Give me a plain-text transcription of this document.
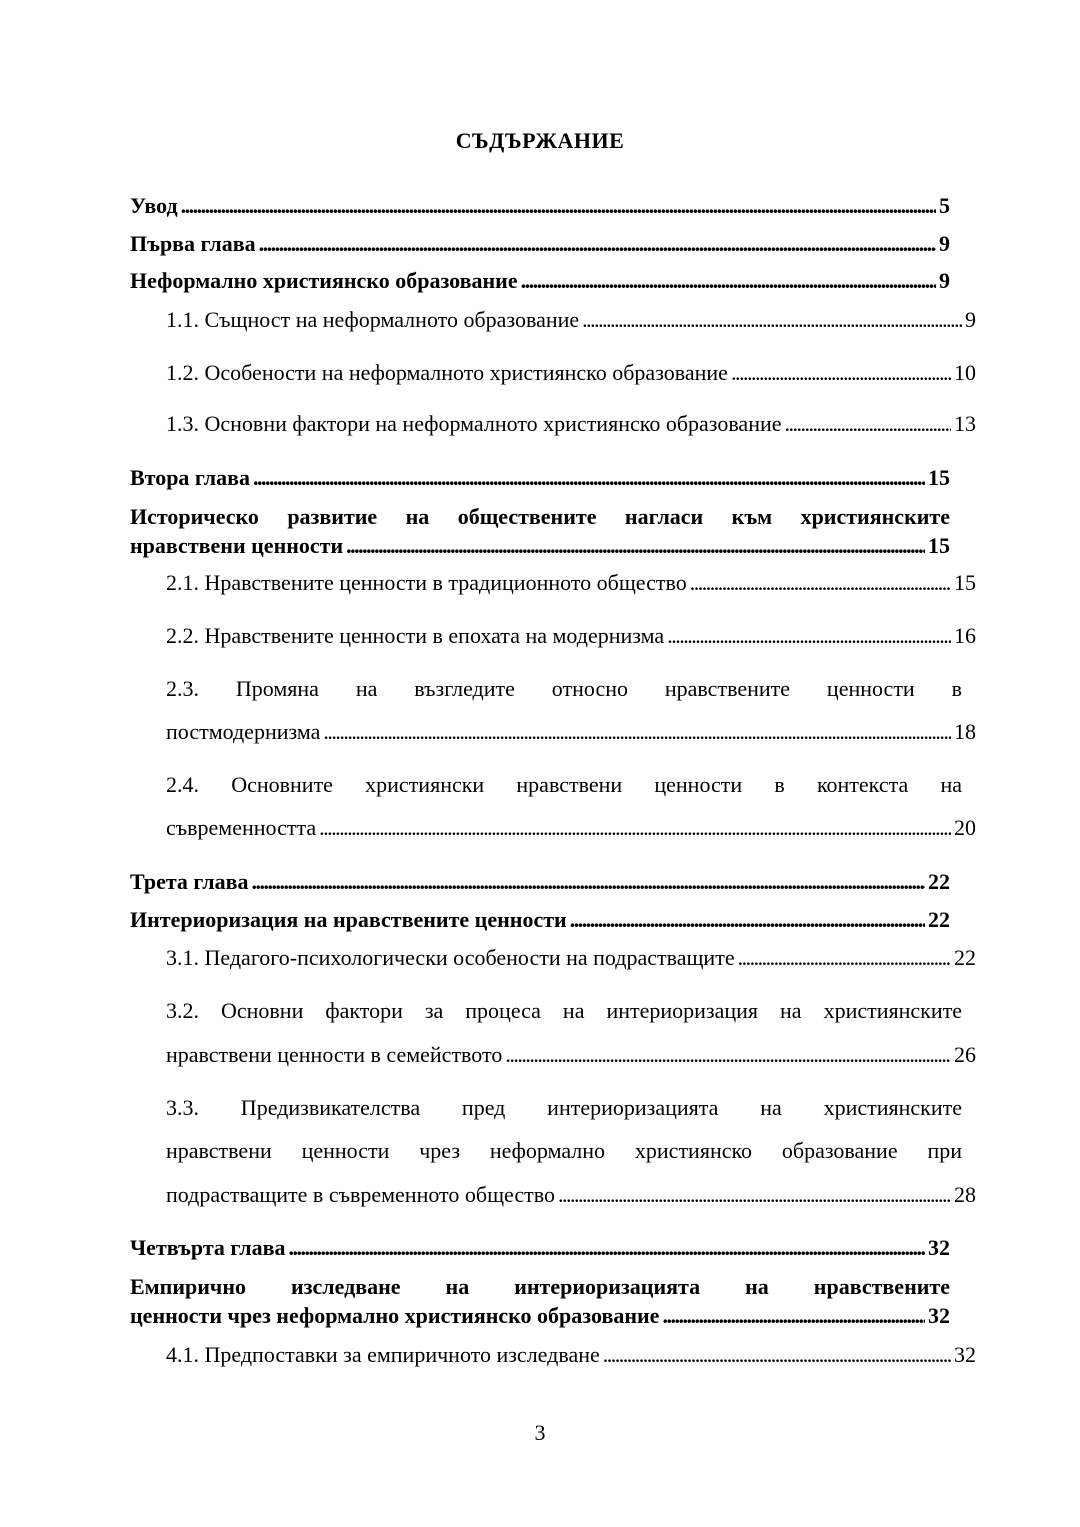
СЪДЪРЖАНИЕ
Увод . . .	5
Първа глава . . .	9
Неформално християнско образование . . .	9
1.1. Същност на неформалното образование . . .	9
1.2. Особености на неформалното християнско образование . . .	10
1.3. Основни фактори на неформалното християнско образование . . .	13
Втора глава . . .	15
Историческо развитие на обществените нагласи към християнските
нравствени ценности . . .	15
2.1. Нравствените ценности в традиционното общество . . .	15
2.2. Нравствените ценности в епохата на модернизма . . .	16
2.3. Промяна на възгледите относно нравствените ценности в
постмодернизма . . .	18
2.4. Основните християнски нравствени ценности в контекста на
съвременността . . .	20
Трета глава . . .	22
Интериоризация на нравствените ценности . . .	22
3.1. Педагого-психологически особености на подрастващите . . .	22
3.2. Основни фактори за процеса на интериоризация на християнските
нравствени ценности в семейството . . .	26
3.3. Предизвикателства пред интериоризацията на християнските
нравствени ценности чрез неформално християнско образование при
подрастващите в съвременното общество . . .	28
Четвърта глава . . .	32
Емпирично изследване на интериоризацията на нравствените
ценности чрез неформално християнско образование . . .	32
4.1. Предпоставки за емпиричното изследване . . .	32
3
